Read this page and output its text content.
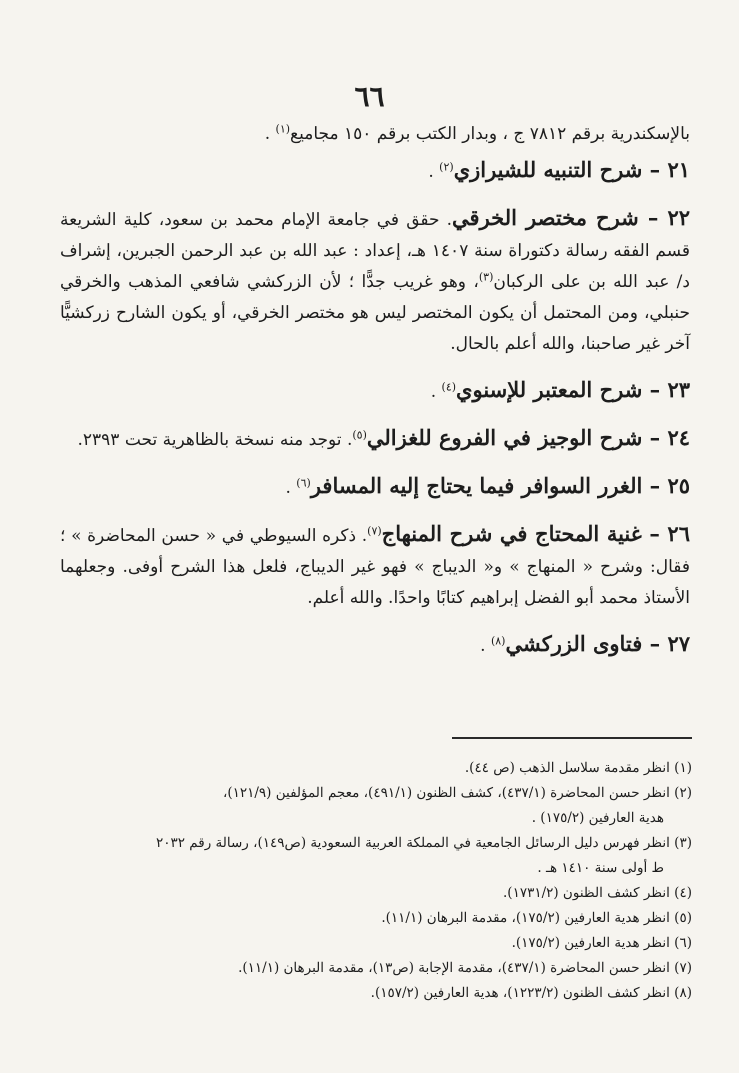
٦٦

بالإسكندرية برقم ٧٨١٢ ج ، وبدار الكتب برقم ١٥٠ مجاميع$^{(١)}$ .

٢١ – شرح التنبيه للشيرازي$^{(٢)}$ .

٢٢ – شرح مختصر الخرقي. حقق في جامعة الإمام محمد بن سعود، كلية الشريعة قسم الفقه رسالة دكتوراة سنة ١٤٠٧ هـ، إعداد : عبد الله بن عبد الرحمن الجبرين، إشراف د/ عبد الله بن على الركبان$^{(٣)}$، وهو غريب جدًّا ؛ لأن الزركشي شافعي المذهب والخرقي حنبلي، ومن المحتمل أن يكون المختصر ليس هو مختصر الخرقي، أو يكون الشارح زركشيًّا آخر غير صاحبنا، والله أعلم بالحال.

٢٣ – شرح المعتبر للإسنوي$^{(٤)}$ .

٢٤ – شرح الوجيز في الفروع للغزالي$^{(٥)}$. توجد منه نسخة بالظاهرية تحت ٢٣٩٣.

٢٥ – الغرر السوافر فيما يحتاج إليه المسافر$^{(٦)}$ .

٢٦ – غنية المحتاج في شرح المنهاج$^{(٧)}$. ذكره السيوطي في « حسن المحاضرة » ؛ فقال: وشرح « المنهاج » و« الديباج » فهو غير الديباج، فلعل هذا الشرح أوفى. وجعلهما الأستاذ محمد أبو الفضل إبراهيم كتابًا واحدًا. والله أعلم.

٢٧ – فتاوى الزركشي$^{(٨)}$ .

(١) انظر مقدمة سلاسل الذهب (ص ٤٤).
(٢) انظر حسن المحاضرة (٤٣٧/١)، كشف الظنون (٤٩١/١)، معجم المؤلفين (١٢١/٩)،
هدية العارفين (١٧٥/٢) .
(٣) انظر فهرس دليل الرسائل الجامعية في المملكة العربية السعودية (ص١٤٩)، رسالة رقم ٢٠٣٢
ط أولى سنة ١٤١٠ هـ .
(٤) انظر كشف الظنون (١٧٣١/٢).
(٥) انظر هدية العارفين (١٧٥/٢)، مقدمة البرهان (١١/١).
(٦) انظر هدية العارفين (١٧٥/٢).
(٧) انظر حسن المحاضرة (٤٣٧/١)، مقدمة الإجابة (ص١٣)، مقدمة البرهان (١١/١).
(٨) انظر كشف الظنون (١٢٢٣/٢)، هدية العارفين (١٥٧/٢).
